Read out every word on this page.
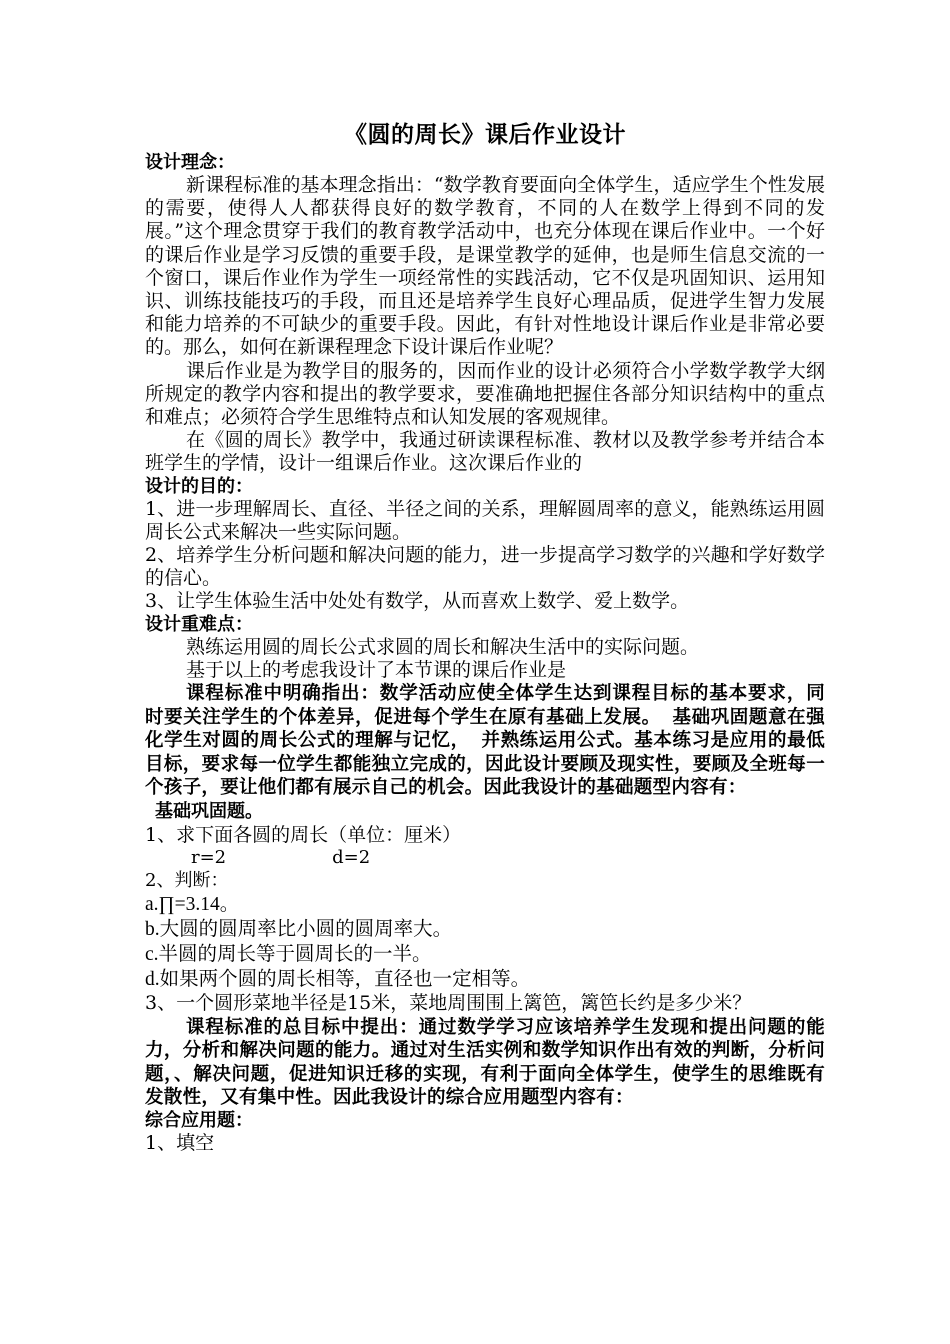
《圆的周长》课后作业设计
设计理念：

新课程标准的基本理念指出：“数学教育要面向全体学生，适应学生个性发展的需要，使得人人都获得良好的数学教育，不同的人在数学上得到不同的发展。”这个理念贯穿于我们的教育教学活动中，也充分体现在课后作业中。一个好的课后作业是学习反馈的重要手段，是课堂教学的延伸，也是师生信息交流的一个窗口，课后作业作为学生一项经常性的实践活动，它不仅是巩固知识、运用知识、训练技能技巧的手段，而且还是培养学生良好心理品质，促进学生智力发展和能力培养的不可缺少的重要手段。因此，有针对性地设计课后作业是非常必要的。那么，如何在新课程理念下设计课后作业呢？

课后作业是为教学目的服务的，因而作业的设计必须符合小学数学教学大纲所规定的教学内容和提出的教学要求，要准确地把握住各部分知识结构中的重点和难点；必须符合学生思维特点和认知发展的客观规律。

在《圆的周长》教学中，我通过研读课程标准、教材以及教学参考并结合本班学生的学情，设计一组课后作业。这次课后作业的

设计的目的：

1、进一步理解周长、直径、半径之间的关系，理解圆周率的意义，能熟练运用圆周长公式来解决一些实际问题。

2、培养学生分析问题和解决问题的能力，进一步提高学习数学的兴趣和学好数学的信心。

3、让学生体验生活中处处有数学，从而喜欢上数学、爱上数学。

设计重难点：

熟练运用圆的周长公式求圆的周长和解决生活中的实际问题。

基于以上的考虑我设计了本节课的课后作业是

课程标准中明确指出：数学活动应使全体学生达到课程目标的基本要求，同时要关注学生的个体差异，促进每个学生在原有基础上发展。 基础巩固题意在强化学生对圆的周长公式的理解与记忆， 并熟练运用公式。基本练习是应用的最低目标，要求每一位学生都能独立完成的，因此设计要顾及现实性，要顾及全班每一个孩子，要让他们都有展示自己的机会。因此我设计的基础题型内容有：

基础巩固题。

1、求下面各圆的周长（单位：厘米）

r=2	d=2

2、判断：

a.∏=3.14。

b.大圆的圆周率比小圆的圆周率大。

c.半圆的周长等于圆周长的一半。

d.如果两个圆的周长相等，直径也一定相等。

3、一个圆形菜地半径是15米，菜地周围围上篱笆，篱笆长约是多少米？

课程标准的总目标中提出：通过数学学习应该培养学生发现和提出问题的能力，分析和解决问题的能力。通过对生活实例和数学知识作出有效的判断，分析问题，、解决问题，促进知识迁移的实现，有利于面向全体学生，使学生的思维既有发散性，又有集中性。因此我设计的综合应用题型内容有：

综合应用题：

1、填空
